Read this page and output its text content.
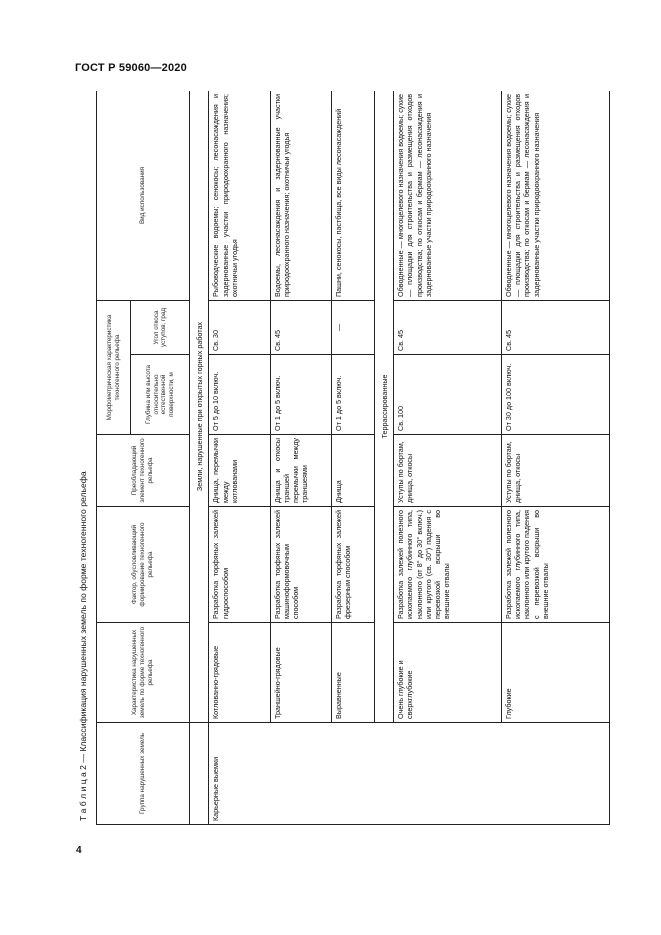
ГОСТ Р 59060—2020
Т а б л и ц а 2 — Классификация нарушенных земель по форме техногенного рельефа	Группа нарушенных земель	Характеристика нарушенных земель по форме техногенного рельефа	Фактор, обусловливающий формирование техногенного рельефа	Преобладающий элемент техногенного рельефа	Морфометрическая характеристика техногенного рельефа		Вид использования
				Глубина или высота относительно естественной поверхности, м	Угол откоса уступов, град	
	Земли, нарушенные при открытых горных работах					
Карьерные выемки	Котлованно-грядовые	Разработка торфяных залежей гидроспособом	Днища, перемычки между котлованами	От 5 до 10 включ.	Св. 30	Рыбоводческие водоемы; сенокосы; лесонасаждения и задернованные участки природоохранного назначения; охотничьи угодья
	Траншейно-грядовые	Разработка торфяных залежей машиноформовочным способом	Днища и откосы траншей перемычки между траншеями	От 1 до 5 включ.	Св. 45	Водоемы, лесонасаждения и задернованные участки природоохранного назначения; охотничьи угодья
	Выравненные	Разработка торфяных залежей фрезерным способом	Днища	От 1 до 5 включ.	—	Пашни, сенокосы, пастбища, все виды лесонасаждений
	Терраcсированные					
	Очень глубокие и сверхглубокие	Разработка залежей полезного ископаемого глубинного типа, наклонного (от 8° до 30° включ.) или крутого (св. 30°) падения с перевозкой вскрыши во внешние отвалы	Уступы по бортам, днища, откосы	Св. 100	Св. 45	Обводненные — многоцелевого назначения водоемы; сухие — площадки для строительства и размещения отходов производства; по откосам и бермам — лесонасаждения и задернованные участки природоохранного назначения
	Глубокие	Разработка залежей полезного ископаемого глубинного типа, наклонного или крутого падения с перевозкой вскрыши во внешние отвалы	Уступы по бортам, днища, откосы	От 30 до 100 включ.	Св. 45	Обводненные — многоцелевого назначения водоемы; сухие — площадки для строительства и размещения отходов производства; по откосам и бермам — лесонасаждения и задернованные участки природоохранного назначения
4
